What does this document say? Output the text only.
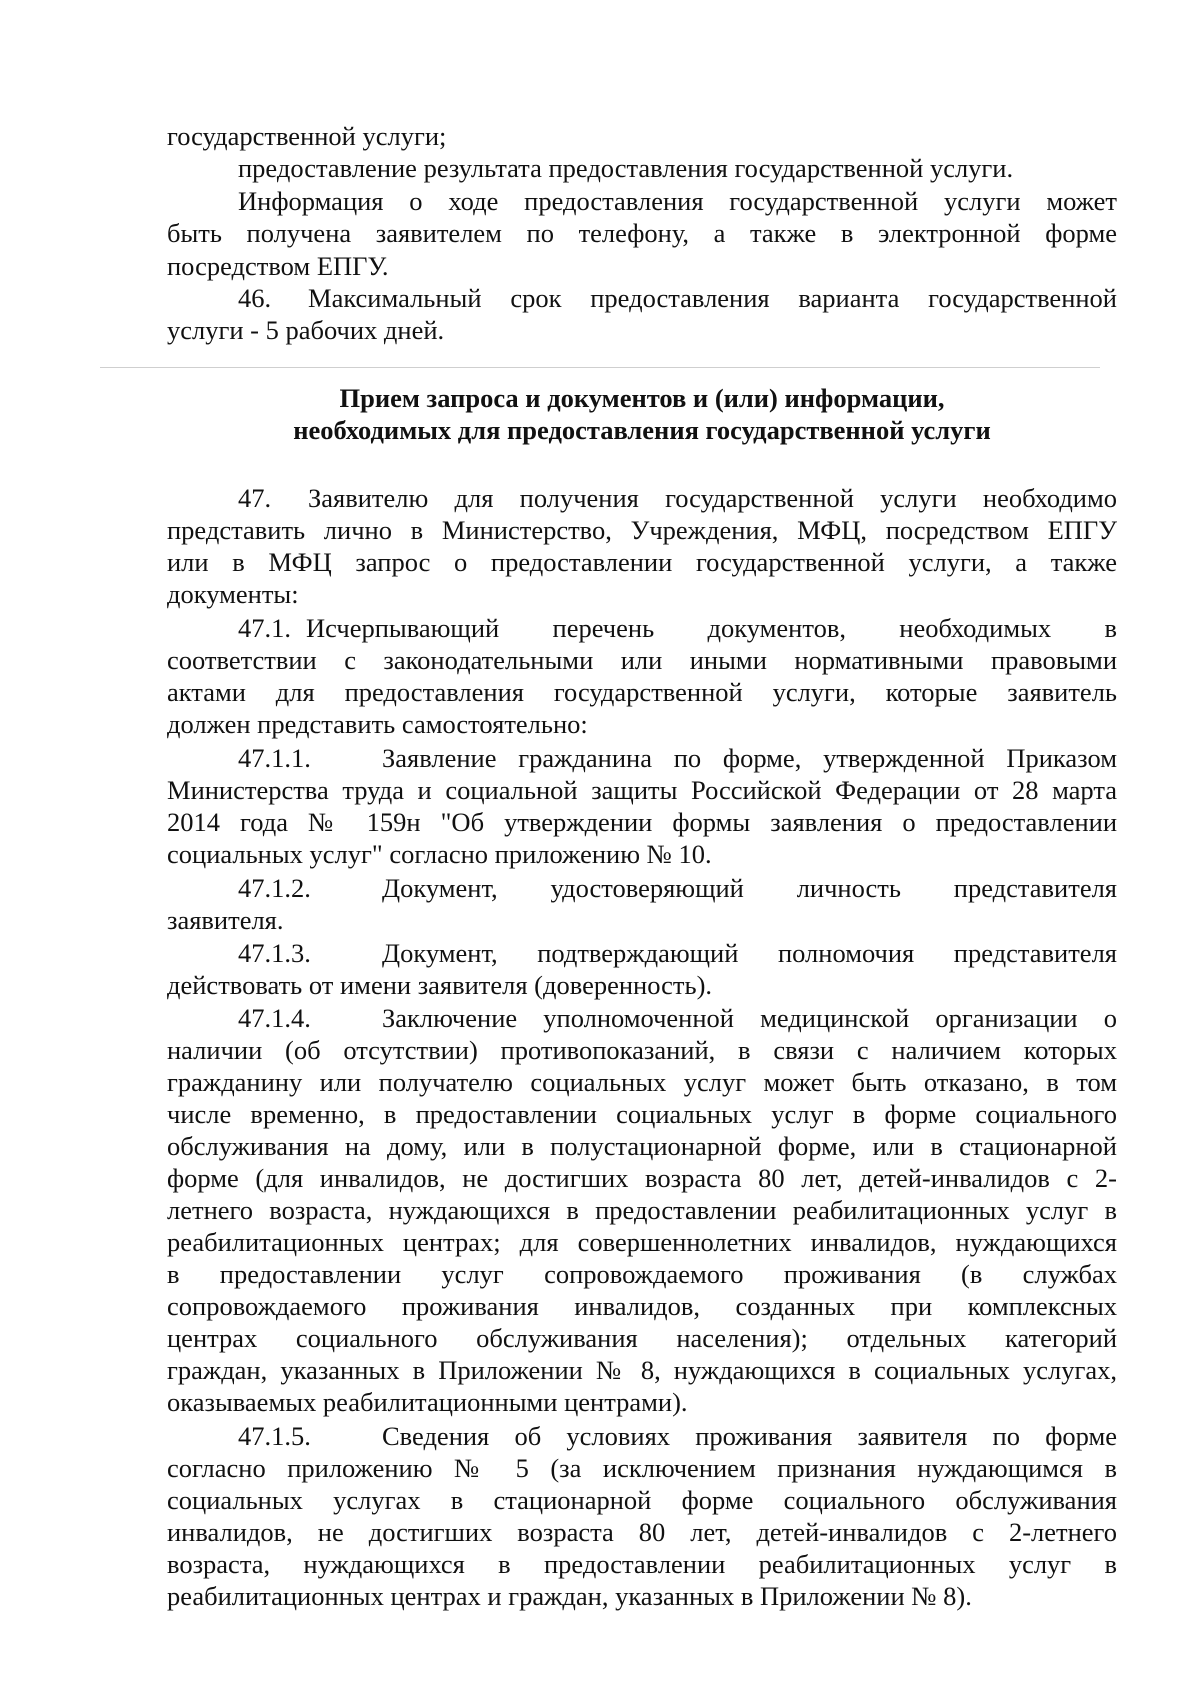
государственной услуги;
предоставление результата предоставления государственной услуги.
Информация о ходе предоставления государственной услуги может
быть получена заявителем по телефону, а также в электронной форме
посредством ЕПГУ.
46. Максимальный срок предоставления варианта государственной
услуги - 5 рабочих дней.
Прием запроса и документов и (или) информации,
необходимых для предоставления государственной услуги
47. Заявителю для получения государственной услуги необходимо
представить лично в Министерство, Учреждения, МФЦ, посредством ЕПГУ
или в МФЦ запрос о предоставлении государственной услуги, а также
документы:
47.1. Исчерпывающий перечень документов, необходимых в
соответствии с законодательными или иными нормативными правовыми
актами для предоставления государственной услуги, которые заявитель
должен представить самостоятельно:
47.1.1.	Заявление гражданина по форме, утвержденной Приказом
Министерства труда и социальной защиты Российской Федерации от 28 марта
2014 года № 159н "Об утверждении формы заявления о предоставлении
социальных услуг" согласно приложению № 10.
47.1.2.	Документ, удостоверяющий личность представителя
заявителя.
47.1.3.	Документ, подтверждающий полномочия представителя
действовать от имени заявителя (доверенность).
47.1.4.	Заключение уполномоченной медицинской организации о
наличии (об отсутствии) противопоказаний, в связи с наличием которых
гражданину или получателю социальных услуг может быть отказано, в том
числе временно, в предоставлении социальных услуг в форме социального
обслуживания на дому, или в полустационарной форме, или в стационарной
форме (для инвалидов, не достигших возраста 80 лет, детей-инвалидов с 2-
летнего возраста, нуждающихся в предоставлении реабилитационных услуг в
реабилитационных центрах; для совершеннолетних инвалидов, нуждающихся
в предоставлении услуг сопровождаемого проживания (в службах
сопровождаемого проживания инвалидов, созданных при комплексных
центрах социального обслуживания населения); отдельных категорий
граждан, указанных в Приложении № 8, нуждающихся в социальных услугах,
оказываемых реабилитационными центрами).
47.1.5.	Сведения об условиях проживания заявителя по форме
согласно приложению № 5 (за исключением признания нуждающимся в
социальных услугах в стационарной форме социального обслуживания
инвалидов, не достигших возраста 80 лет, детей-инвалидов с 2-летнего
возраста, нуждающихся в предоставлении реабилитационных услуг в
реабилитационных центрах и граждан, указанных в Приложении № 8).
